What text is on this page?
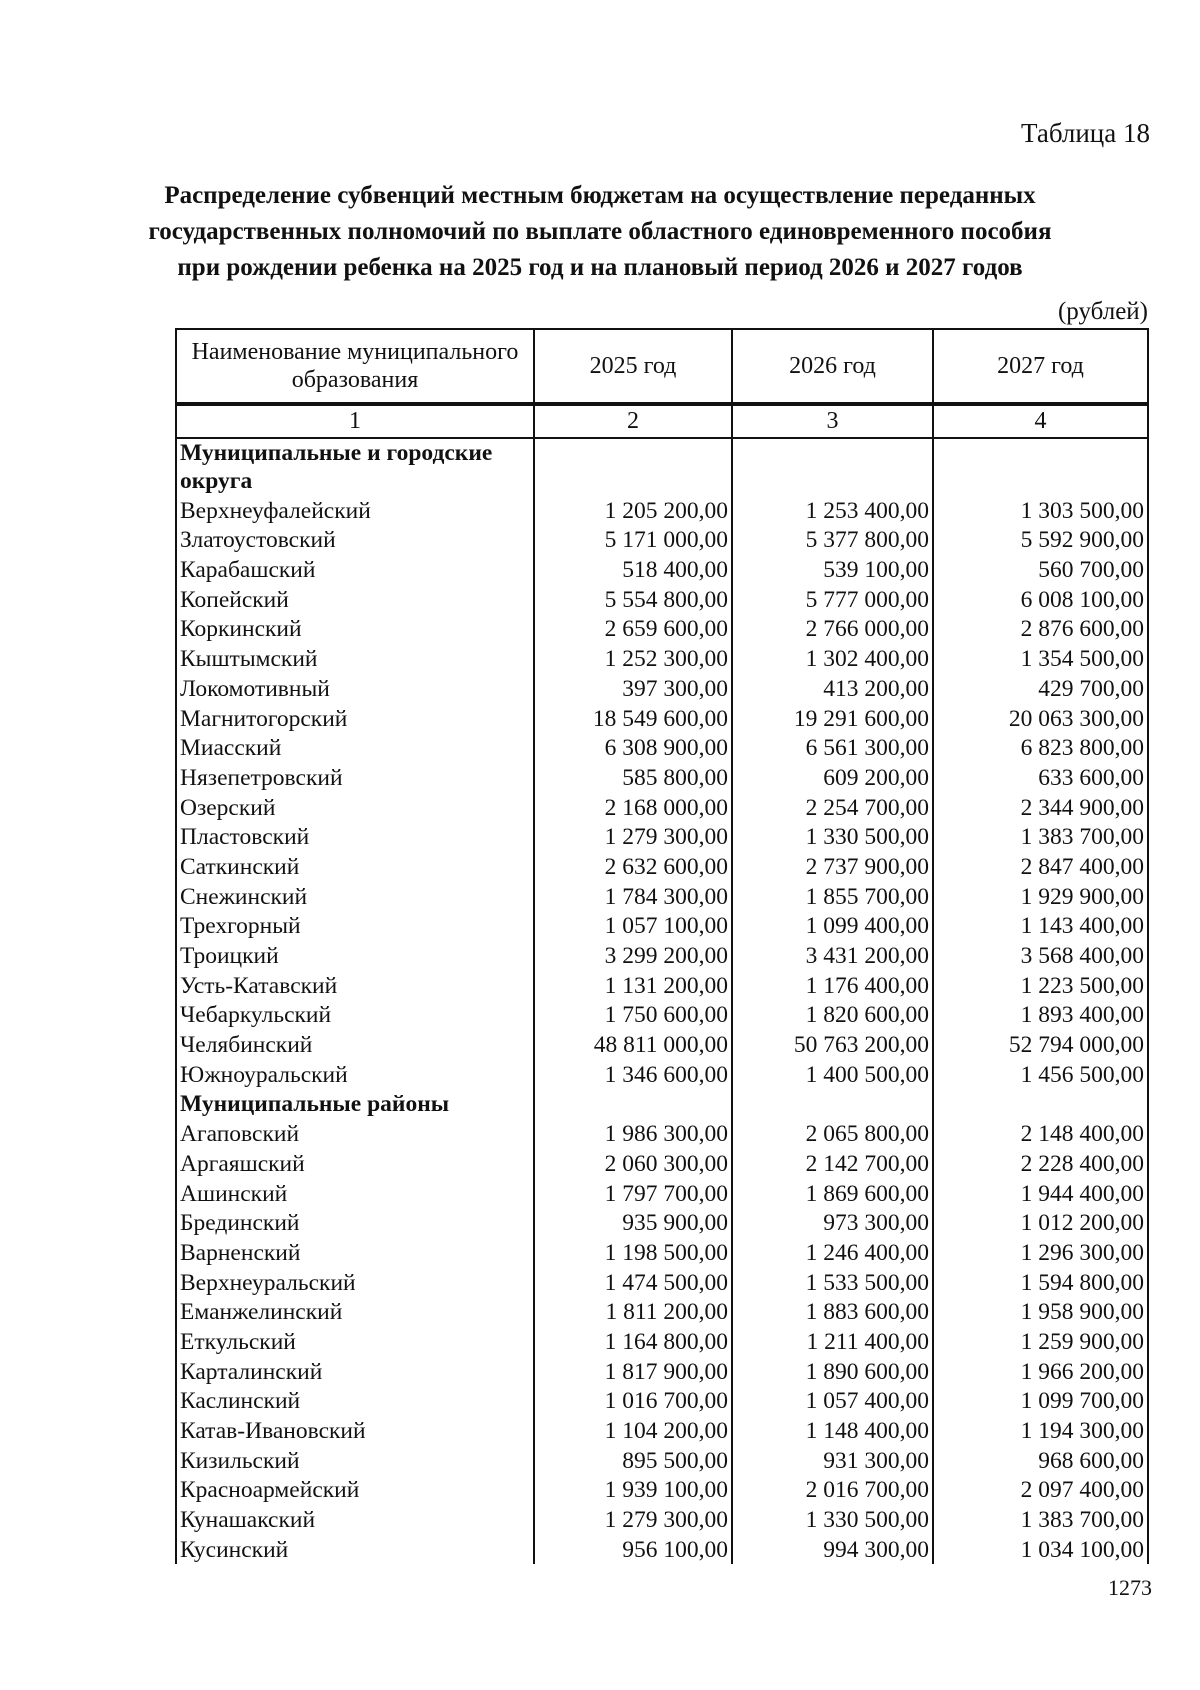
Таблица 18
Распределение субвенций местным бюджетам на осуществление переданных
государственных полномочий по выплате областного единовременного пособия
при рождении ребенка на 2025 год и на плановый период 2026 и 2027 годов
(рублей)
Наименование муниципального образования	2025 год	2026 год	2027 год
1	2	3	4
Муниципальные и городские округа			
Верхнеуфалейский	1 205 200,00	1 253 400,00	1 303 500,00
Златоустовский	5 171 000,00	5 377 800,00	5 592 900,00
Карабашский	518 400,00	539 100,00	560 700,00
Копейский	5 554 800,00	5 777 000,00	6 008 100,00
Коркинский	2 659 600,00	2 766 000,00	2 876 600,00
Кыштымский	1 252 300,00	1 302 400,00	1 354 500,00
Локомотивный	397 300,00	413 200,00	429 700,00
Магнитогорский	18 549 600,00	19 291 600,00	20 063 300,00
Миасский	6 308 900,00	6 561 300,00	6 823 800,00
Нязепетровский	585 800,00	609 200,00	633 600,00
Озерский	2 168 000,00	2 254 700,00	2 344 900,00
Пластовский	1 279 300,00	1 330 500,00	1 383 700,00
Саткинский	2 632 600,00	2 737 900,00	2 847 400,00
Снежинский	1 784 300,00	1 855 700,00	1 929 900,00
Трехгорный	1 057 100,00	1 099 400,00	1 143 400,00
Троицкий	3 299 200,00	3 431 200,00	3 568 400,00
Усть-Катавский	1 131 200,00	1 176 400,00	1 223 500,00
Чебаркульский	1 750 600,00	1 820 600,00	1 893 400,00
Челябинский	48 811 000,00	50 763 200,00	52 794 000,00
Южноуральский	1 346 600,00	1 400 500,00	1 456 500,00
Муниципальные районы			
Агаповский	1 986 300,00	2 065 800,00	2 148 400,00
Аргаяшский	2 060 300,00	2 142 700,00	2 228 400,00
Ашинский	1 797 700,00	1 869 600,00	1 944 400,00
Брединский	935 900,00	973 300,00	1 012 200,00
Варненский	1 198 500,00	1 246 400,00	1 296 300,00
Верхнеуральский	1 474 500,00	1 533 500,00	1 594 800,00
Еманжелинский	1 811 200,00	1 883 600,00	1 958 900,00
Еткульский	1 164 800,00	1 211 400,00	1 259 900,00
Карталинский	1 817 900,00	1 890 600,00	1 966 200,00
Каслинский	1 016 700,00	1 057 400,00	1 099 700,00
Катав-Ивановский	1 104 200,00	1 148 400,00	1 194 300,00
Кизильский	895 500,00	931 300,00	968 600,00
Красноармейский	1 939 100,00	2 016 700,00	2 097 400,00
Кунашакский	1 279 300,00	1 330 500,00	1 383 700,00
Кусинский	956 100,00	994 300,00	1 034 100,00
1273
